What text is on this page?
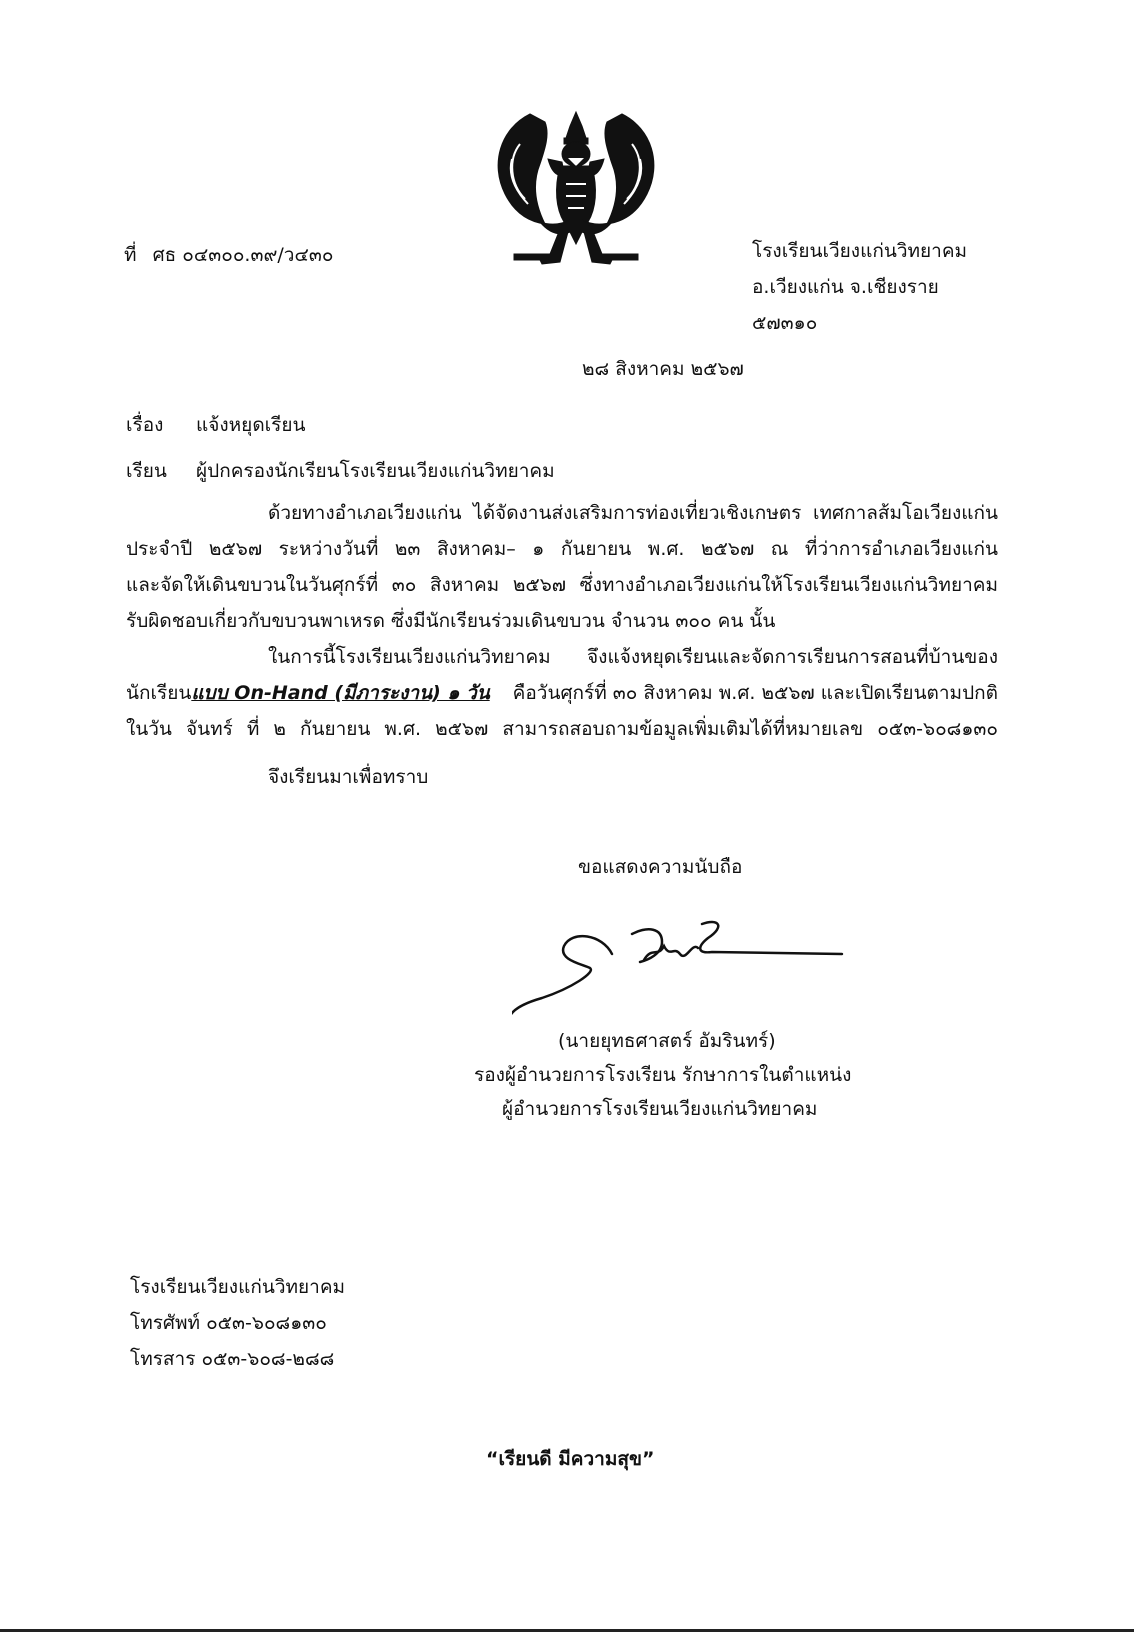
ที่ ศธ ๐๔๓๐๐.๓๙/ว๔๓๐	โรงเรียนเวียงแก่นวิทยาคม
อ.เวียงแก่น จ.เชียงราย
๕๗๓๑๐
๒๘ สิงหาคม ๒๕๖๗
เรื่อง แจ้งหยุดเรียน
เรียน ผู้ปกครองนักเรียนโรงเรียนเวียงแก่นวิทยาคม
ด้วยทางอำเภอเวียงแก่น ได้จัดงานส่งเสริมการท่องเที่ยวเชิงเกษตร เทศกาลส้มโอเวียงแก่น
ประจำปี ๒๕๖๗ ระหว่างวันที่ ๒๓ สิงหาคม– ๑ กันยายน พ.ศ. ๒๕๖๗ ณ ที่ว่าการอำเภอเวียงแก่น
และจัดให้เดินขบวนในวันศุกร์ที่ ๓๐ สิงหาคม ๒๕๖๗ ซึ่งทางอำเภอเวียงแก่นให้โรงเรียนเวียงแก่นวิทยาคม
รับผิดชอบเกี่ยวกับขบวนพาเหรด ซึ่งมีนักเรียนร่วมเดินขบวน จำนวน ๓๐๐ คน นั้น
ในการนี้โรงเรียนเวียงแก่นวิทยาคม จึงแจ้งหยุดเรียนและจัดการเรียนการสอนที่บ้านของ
นักเรียนแบบ On-Hand (มีภาระงาน) ๑ วัน คือวันศุกร์ที่ ๓๐ สิงหาคม พ.ศ. ๒๕๖๗ และเปิดเรียนตามปกติ
ในวัน จันทร์ ที่ ๒ กันยายน พ.ศ. ๒๕๖๗ สามารถสอบถามข้อมูลเพิ่มเติมได้ที่หมายเลข ๐๕๓-๖๐๘๑๓๐
จึงเรียนมาเพื่อทราบ
ขอแสดงความนับถือ
(นายยุทธศาสตร์ อัมรินทร์)
รองผู้อำนวยการโรงเรียน รักษาการในตำแหน่ง
ผู้อำนวยการโรงเรียนเวียงแก่นวิทยาคม
โรงเรียนเวียงแก่นวิทยาคม
โทรศัพท์ ๐๕๓-๖๐๘๑๓๐
โทรสาร ๐๕๓-๖๐๘-๒๘๘
“เรียนดี มีความสุข”
